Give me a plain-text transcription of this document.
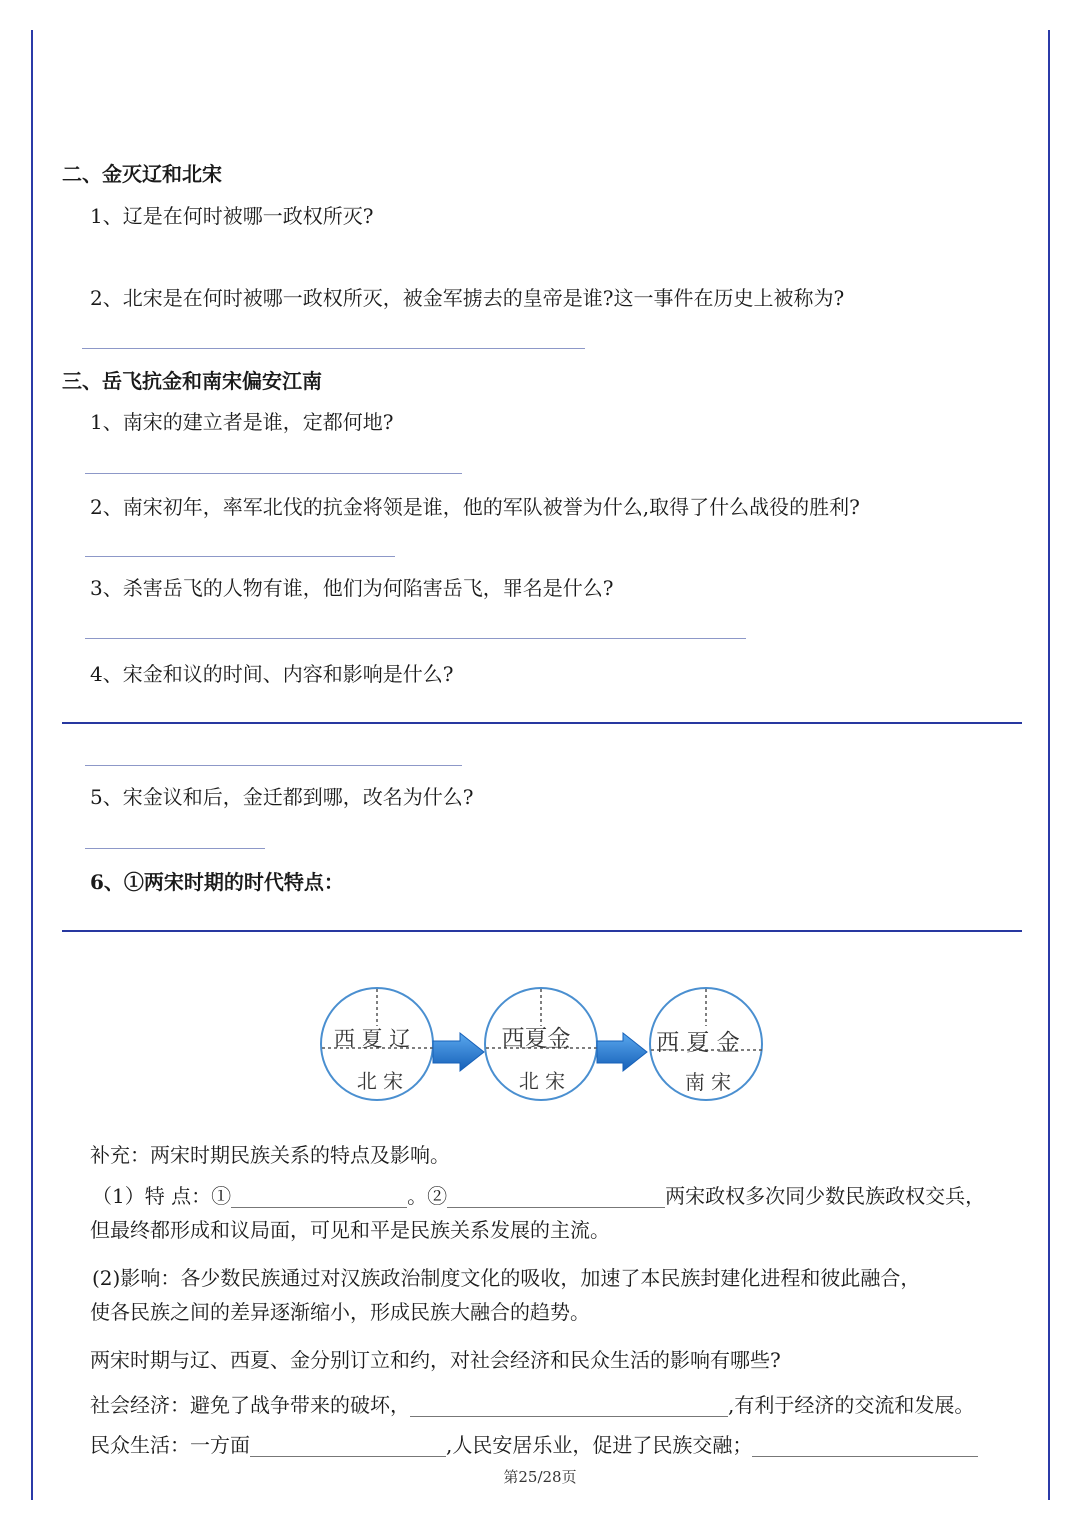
二、金灭辽和北宋
1、辽是在何时被哪一政权所灭?
2、北宋是在何时被哪一政权所灭，被金军掳去的皇帝是谁?这一事件在历史上被称为?
三、岳飞抗金和南宋偏安江南
1、南宋的建立者是谁，定都何地?
2、南宋初年，率军北伐的抗金将领是谁，他的军队被誉为什么,取得了什么战役的胜利?
3、杀害岳飞的人物有谁，他们为何陷害岳飞，罪名是什么?
4、宋金和议的时间、内容和影响是什么?
5、宋金议和后，金迁都到哪，改名为什么?
6、①两宋时期的时代特点：
西 夏 辽
北 宋
西夏金
北 宋
西 夏 金
南 宋
补充：两宋时期民族关系的特点及影响。
（1）特 点：①	。②	两宋政权多次同少数民族政权交兵，
但最终都形成和议局面，可见和平是民族关系发展的主流。
(2)影响：各少数民族通过对汉族政治制度文化的吸收，加速了本民族封建化进程和彼此融合，
使各民族之间的差异逐渐缩小，形成民族大融合的趋势。
两宋时期与辽、西夏、金分别订立和约，对社会经济和民众生活的影响有哪些?
社会经济：避免了战争带来的破坏，	,有利于经济的交流和发展。
民众生活：一方面	,人民安居乐业，促进了民族交融；
第25/28页
